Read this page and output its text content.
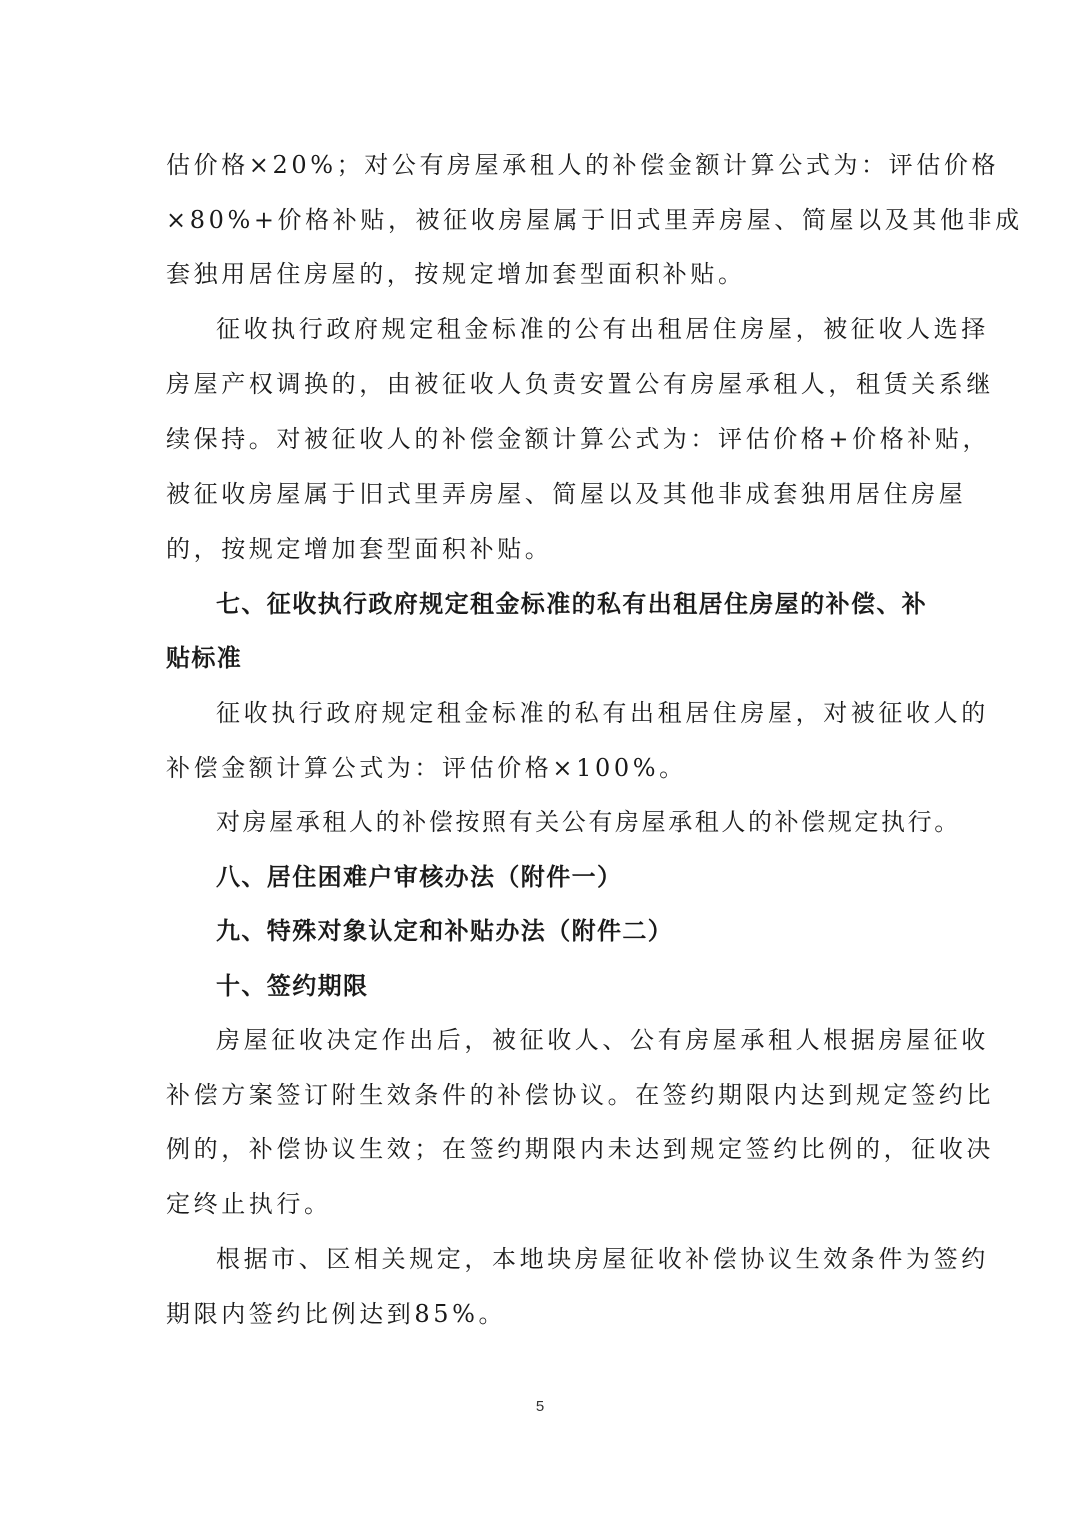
估价格×20%；对公有房屋承租人的补偿金额计算公式为：评估价格
×80%+价格补贴，被征收房屋属于旧式里弄房屋、简屋以及其他非成
套独用居住房屋的，按规定增加套型面积补贴。
征收执行政府规定租金标准的公有出租居住房屋，被征收人选择
房屋产权调换的，由被征收人负责安置公有房屋承租人，租赁关系继
续保持。对被征收人的补偿金额计算公式为：评估价格+价格补贴，
被征收房屋属于旧式里弄房屋、简屋以及其他非成套独用居住房屋
的，按规定增加套型面积补贴。
七、征收执行政府规定租金标准的私有出租居住房屋的补偿、补
贴标准
征收执行政府规定租金标准的私有出租居住房屋，对被征收人的
补偿金额计算公式为：评估价格×100%。
对房屋承租人的补偿按照有关公有房屋承租人的补偿规定执行。
八、居住困难户审核办法（附件一）
九、特殊对象认定和补贴办法（附件二）
十、签约期限
房屋征收决定作出后，被征收人、公有房屋承租人根据房屋征收
补偿方案签订附生效条件的补偿协议。在签约期限内达到规定签约比
例的，补偿协议生效；在签约期限内未达到规定签约比例的，征收决
定终止执行。
根据市、区相关规定，本地块房屋征收补偿协议生效条件为签约
期限内签约比例达到85%。
5
